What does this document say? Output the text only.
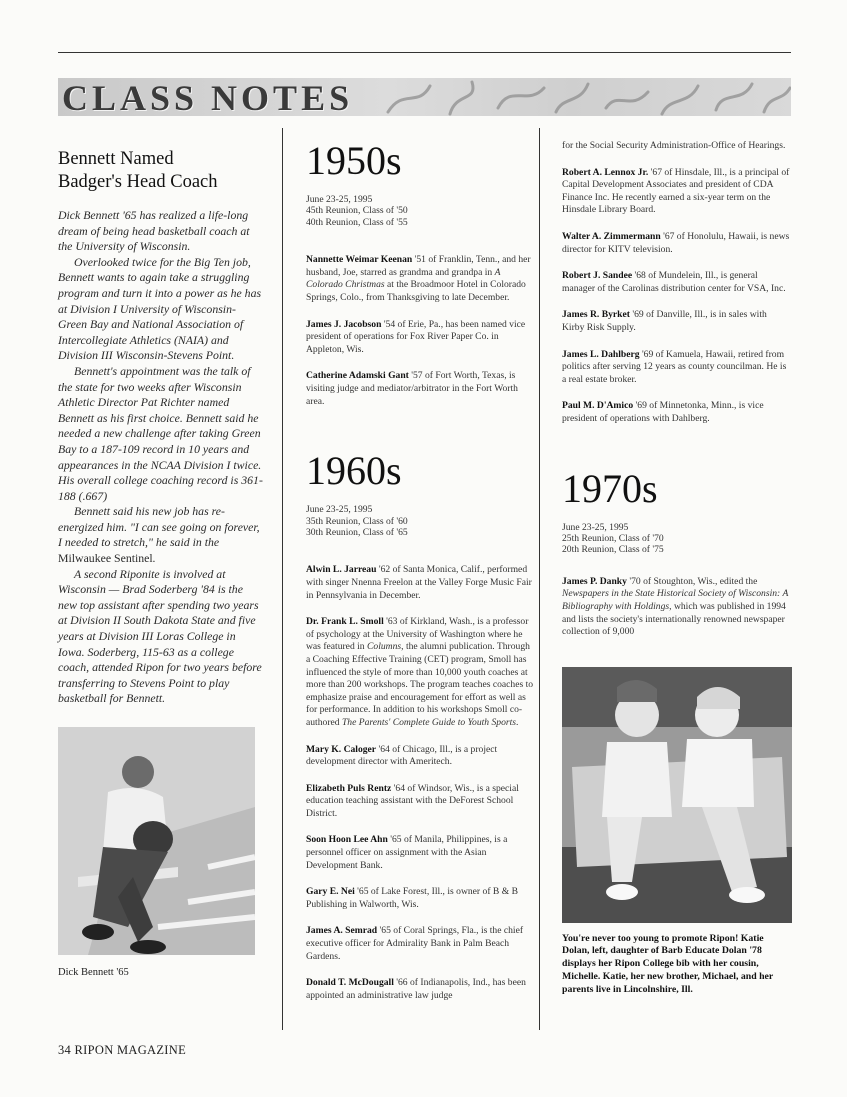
CLASS NOTES
Bennett Named
Badger's Head Coach

Dick Bennett '65 has realized a life-long dream of being head basketball coach at the University of Wisconsin.

Overlooked twice for the Big Ten job, Bennett wants to again take a struggling program and turn it into a power as he has at Division I University of Wisconsin-Green Bay and National Association of Intercollegiate Athletics (NAIA) and Division III Wisconsin-Stevens Point.

Bennett's appointment was the talk of the state for two weeks after Wisconsin Athletic Director Pat Richter named Bennett as his first choice. Bennett said he needed a new challenge after taking Green Bay to a 187-109 record in 10 years and appearances in the NCAA Division I twice. His overall college coaching record is 361-188 (.667)

Bennett said his new job has re-energized him. "I can see going on forever, I needed to stretch," he said in the Milwaukee Sentinel.

A second Riponite is involved at Wisconsin — Brad Soderberg '84 is the new top assistant after spending two years at Division II South Dakota State and five years at Division III Loras College in Iowa. Soderberg, 115-63 as a college coach, attended Ripon for two years before transferring to Stevens Point to play basketball for Bennett.

Dick Bennett '65
1950s
June 23-25, 1995
45th Reunion, Class of '50
40th Reunion, Class of '55

Nannette Weimar Keenan '51 of Franklin, Tenn., and her husband, Joe, starred as grandma and grandpa in A Colorado Christmas at the Broadmoor Hotel in Colorado Springs, Colo., from Thanksgiving to late December.

James J. Jacobson '54 of Erie, Pa., has been named vice president of operations for Fox River Paper Co. in Appleton, Wis.

Catherine Adamski Gant '57 of Fort Worth, Texas, is visiting judge and mediator/arbitrator in the Fort Worth area.

1960s
June 23-25, 1995
35th Reunion, Class of '60
30th Reunion, Class of '65

Alwin L. Jarreau '62 of Santa Monica, Calif., performed with singer Nnenna Freelon at the Valley Forge Music Fair in Pennsylvania in December.

Dr. Frank L. Smoll '63 of Kirkland, Wash., is a professor of psychology at the University of Washington where he was featured in Columns, the alumni publication. Through a Coaching Effective Training (CET) program, Smoll has influenced the style of more than 10,000 youth coaches at more than 200 workshops. The program teaches coaches to emphasize praise and encouragement for effort as well as for performance. In addition to his workshops Smoll co-authored The Parents' Complete Guide to Youth Sports.

Mary K. Caloger '64 of Chicago, Ill., is a project development director with Ameritech.

Elizabeth Puls Rentz '64 of Windsor, Wis., is a special education teaching assistant with the DeForest School District.

Soon Hoon Lee Ahn '65 of Manila, Philippines, is a personnel officer on assignment with the Asian Development Bank.

Gary E. Nei '65 of Lake Forest, Ill., is owner of B & B Publishing in Walworth, Wis.

James A. Semrad '65 of Coral Springs, Fla., is the chief executive officer for Admirality Bank in Palm Beach Gardens.

Donald T. McDougall '66 of Indianapolis, Ind., has been appointed an administrative law judge

for the Social Security Administration-Office of Hearings.

Robert A. Lennox Jr. '67 of Hinsdale, Ill., is a principal of Capital Development Associates and president of CDA Finance Inc. He recently earned a six-year term on the Hinsdale Library Board.

Walter A. Zimmermann '67 of Honolulu, Hawaii, is news director for KITV television.

Robert J. Sandee '68 of Mundelein, Ill., is general manager of the Carolinas distribution center for VSA, Inc.

James R. Byrket '69 of Danville, Ill., is in sales with Kirby Risk Supply.

James L. Dahlberg '69 of Kamuela, Hawaii, retired from politics after serving 12 years as county councilman. He is a real estate broker.

Paul M. D'Amico '69 of Minnetonka, Minn., is vice president of operations with Dahlberg.

1970s
June 23-25, 1995
25th Reunion, Class of '70
20th Reunion, Class of '75

James P. Danky '70 of Stoughton, Wis., edited the Newspapers in the State Historical Society of Wisconsin: A Bibliography with Holdings, which was published in 1994 and lists the society's internationally renowned newspaper collection of 9,000

You're never too young to promote Ripon! Katie Dolan, left, daughter of Barb Educate Dolan '78 displays her Ripon College bib with her cousin, Michelle. Katie, her new brother, Michael, and her parents live in Lincolnshire, Ill.
34 RIPON MAGAZINE
